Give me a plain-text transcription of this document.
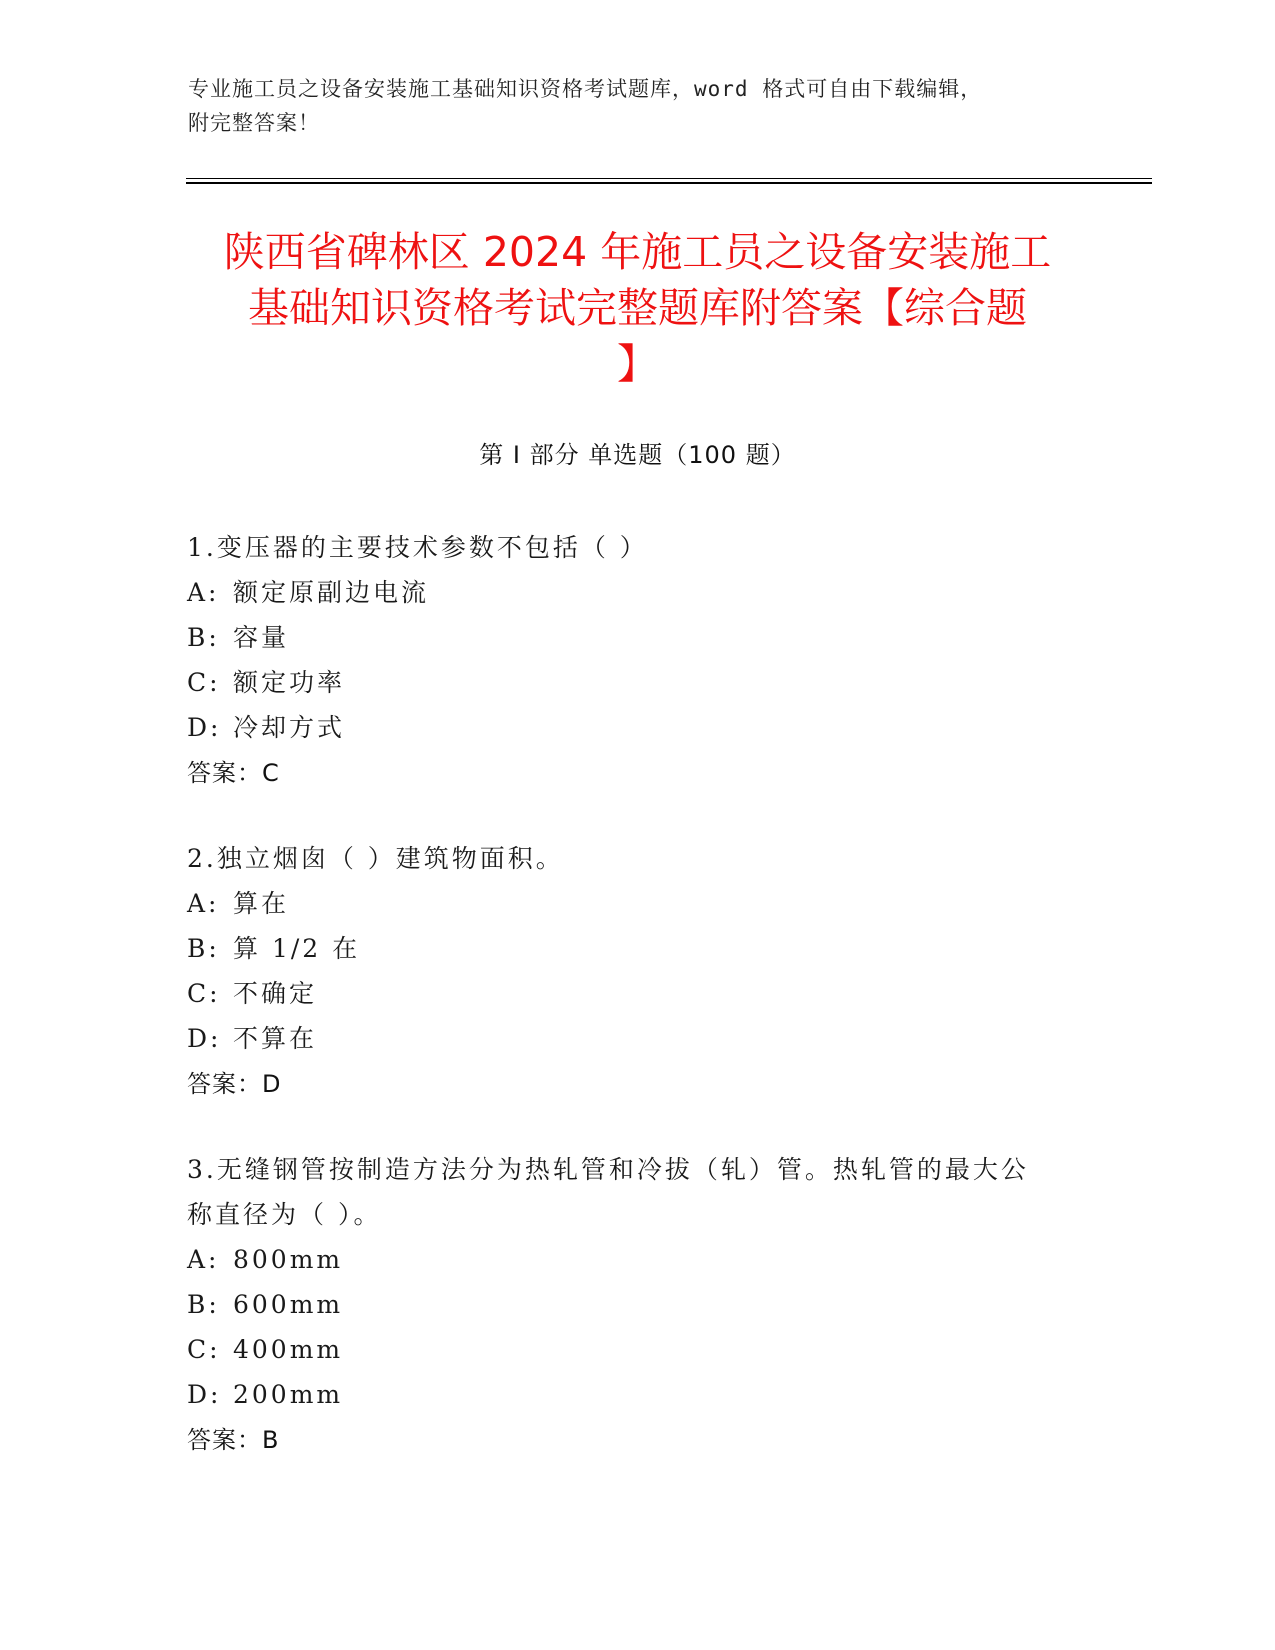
专业施工员之设备安装施工基础知识资格考试题库，word 格式可自由下载编辑，
附完整答案！
陕西省碑林区 2024 年施工员之设备安装施工
基础知识资格考试完整题库附答案【综合题
】
第 I 部分 单选题（100 题）
1.变压器的主要技术参数不包括（ ）
A: 额定原副边电流
B: 容量
C: 额定功率
D: 冷却方式
答案：C
2.独立烟囱（ ）建筑物面积。
A: 算在
B: 算 1/2 在
C: 不确定
D: 不算在
答案：D
3.无缝钢管按制造方法分为热轧管和冷拔（轧）管。热轧管的最大公
称直径为（ ）。
A: 800mm
B: 600mm
C: 400mm
D: 200mm
答案：B
